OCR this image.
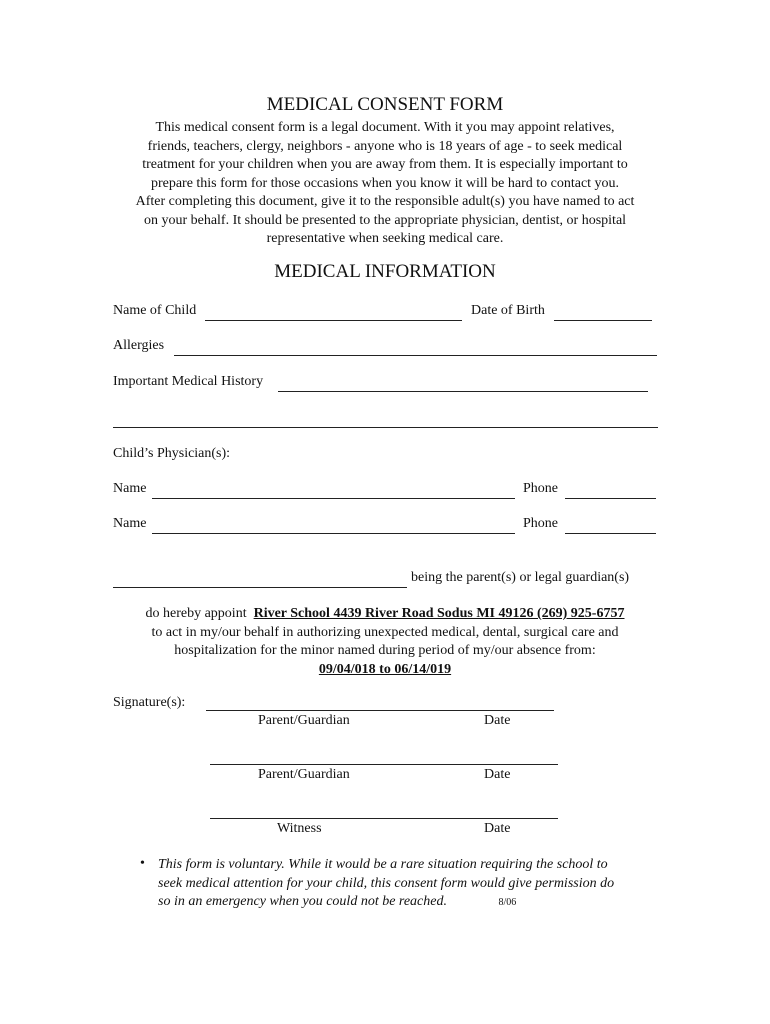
MEDICAL CONSENT FORM
This medical consent form is a legal document. With it you may appoint relatives,
friends, teachers, clergy, neighbors - anyone who is 18 years of age - to seek medical
treatment for your children when you are away from them. It is especially important to
prepare this form for those occasions when you know it will be hard to contact you.
After completing this document, give it to the responsible adult(s) you have named to act
on your behalf. It should be presented to the appropriate physician, dentist, or hospital
representative when seeking medical care.
MEDICAL INFORMATION
Name of Child	Date of Birth
Allergies
Important Medical History
Child’s Physician(s):
Name	Phone
Name	Phone
being the parent(s) or legal guardian(s)
do hereby appoint River School 4439 River Road Sodus MI 49126 (269) 925-6757
to act in my/our behalf in authorizing unexpected medical, dental, surgical care and
hospitalization for the minor named during period of my/our absence from:
09/04/018 to 06/14/019
Signature(s):
Parent/Guardian	Date
Parent/Guardian	Date
Witness	Date
• This form is voluntary. While it would be a rare situation requiring the school to
seek medical attention for your child, this consent form would give permission do
so in an emergency when you could not be reached.	8/06
